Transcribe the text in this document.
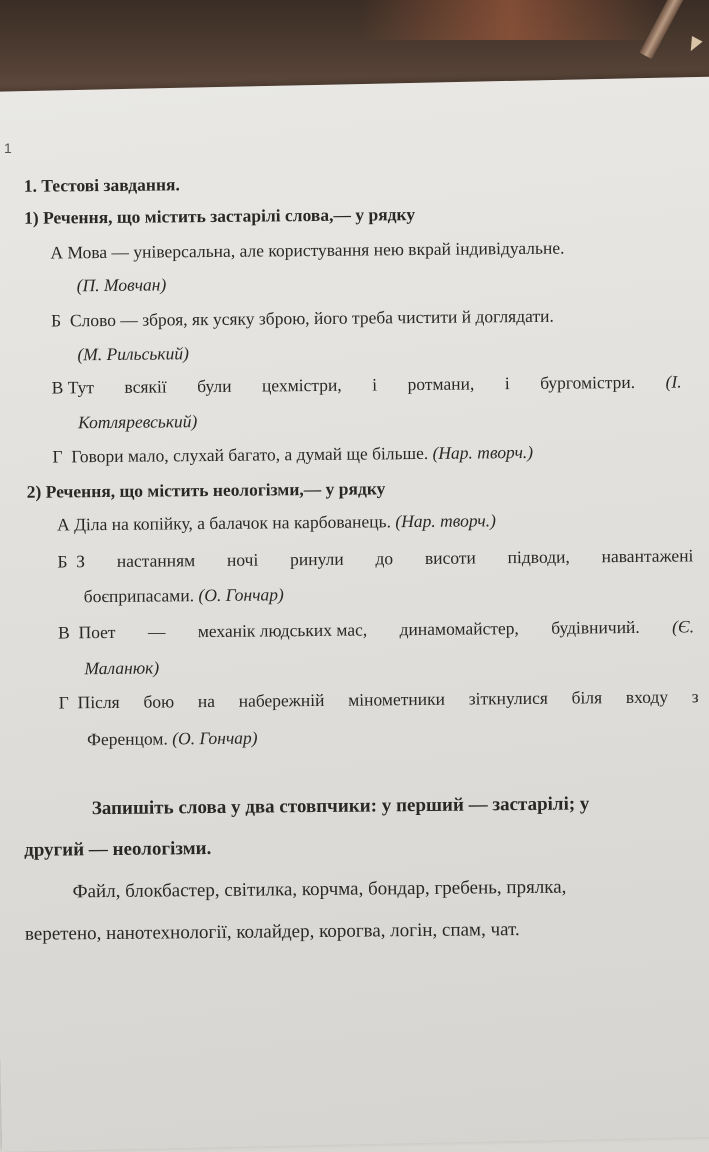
1
1. Тестові завдання.
1) Речення, що містить застарілі слова,— у рядку
А Мова — універсальна, але користування нею вкрай індивідуальне.
(П. Мовчан)
Б Слово — зброя, як усяку зброю, його треба чистити й доглядати.
(М. Рильський)
В Тут всякії були цехмістри, і ротмани, і бургомістри. (І.
Котляревський)
Г Говори мало, слухай багато, а думай ще більше. (Нар. творч.)
2) Речення, що містить неологізми,— у рядку
А Діла на копійку, а балачок на карбованець. (Нар. творч.)
Б З настанням ночі ринули до висоти підводи, навантажені
боєприпасами. (О. Гончар)
В Поет — механік людських мас, динамомайстер, будівничий. (Є.
Маланюк)
Г Після бою на набережній мінометники зіткнулися біля входу з
Ференцом. (О. Гончар)
Запишіть слова у два стовпчики: у перший — застарілі; у
другий — неологізми.
Файл, блокбастер, світилка, корчма, бондар, гребень, прялка,
веретено, нанотехнології, колайдер, корогва, логін, спам, чат.
